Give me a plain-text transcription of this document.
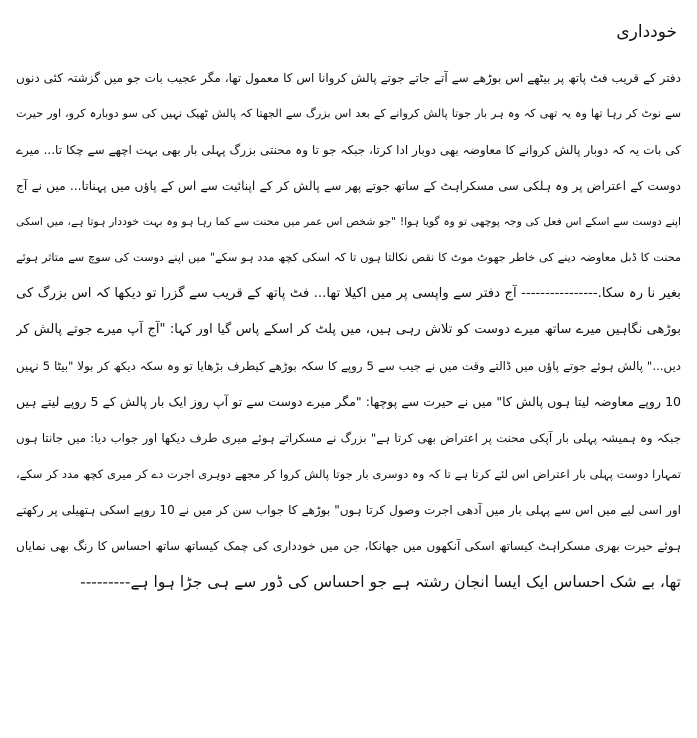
خودداری
دفتر کے قریب فٹ پاتھ پر بیٹھے اس بوڑھے سے آتے جاتے جوتے پالش کروانا اس کا معمول تھا، مگر عجیب بات جو میں گزشتہ کئی دنوں
سے نوٹ کر رہا تھا وہ یہ تھی کہ وہ ہر بار جوتا پالش کروانے کے بعد اس بزرگ سے الجھتا کہ پالش ٹھیک نہیں کی سو دوبارہ کرو، اور حیرت
کی بات یہ کہ دوبار پالش کروانے کا معاوضہ بھی دوبار ادا کرتا، جبکہ جو تا وہ محنتی بزرگ پہلی بار بھی بہت اچھے سے چکا تا... میرے
دوست کے اعتراض پر وہ ہلکی سی مسکراہٹ کے ساتھ جوتے پھر سے پالش کر کے اپنائیت سے اس کے پاؤں میں پہناتا... میں نے آج
اپنے دوست سے اسکے اس فعل کی وجہ پوچھی تو وہ گویا ہوا! "جو شخص اس عمر میں محنت سے کما رہا ہو وہ بہت خوددار ہوتا ہے، میں اسکی
محنت کا ڈبل معاوضہ دینے کی خاطر جھوٹ موٹ کا نقص نکالتا ہوں تا کہ اسکی کچھ مدد ہو سکے" میں اپنے دوست کی سوچ سے متاثر ہوئے
بغیر نا رہ سکا.---------------- آج دفتر سے واپسی پر میں اکیلا تھا... فٹ پاتھ کے قریب سے گزرا تو دیکھا کہ اس بزرگ کی
بوڑھی نگاہیں میرے ساتھ میرے دوست کو تلاش رہی ہیں، میں پلٹ کر اسکے پاس گیا اور کہا: "آج آپ میرے جوتے پالش کر
دیں..." پالش ہوئے جوتے پاؤں میں ڈالتے وقت میں نے جیب سے 5 روپے کا سکہ بوڑھے کیطرف بڑھایا تو وہ سکہ دیکھ کر بولا "بیٹا 5 نہیں
10 روپے معاوضہ لیتا ہوں پالش کا" میں نے حیرت سے پوچھا: "مگر میرے دوست سے تو آپ روز ایک بار پالش کے 5 روپے لیتے ہیں
جبکہ وہ ہمیشہ پہلی بار آپکی محنت پر اعتراض بھی کرتا ہے" بزرگ نے مسکراتے ہوئے میری طرف دیکھا اور جواب دیا: میں جانتا ہوں
تمہارا دوست پہلی بار اعتراض اس لئے کرتا ہے تا کہ وہ دوسری بار جوتا پالش کروا کر مجھے دوہری اجرت دے کر میری کچھ مدد کر سکے،
اور اسی لیے میں اس سے پہلی بار میں آدھی اجرت وصول کرتا ہوں" بوڑھے کا جواب سن کر میں نے 10 روپے اسکی ہتھیلی پر رکھتے
ہوئے حیرت بھری مسکراہٹ کیساتھ اسکی آنکھوں میں جھانکا، جن میں خودداری کی چمک کیساتھ ساتھ احساس کا رنگ بھی نمایاں
تھا، بے شک احساس ایک ایسا انجان رشتہ ہے جو احساس کی ڈور سے ہی جڑا ہوا ہے---------
